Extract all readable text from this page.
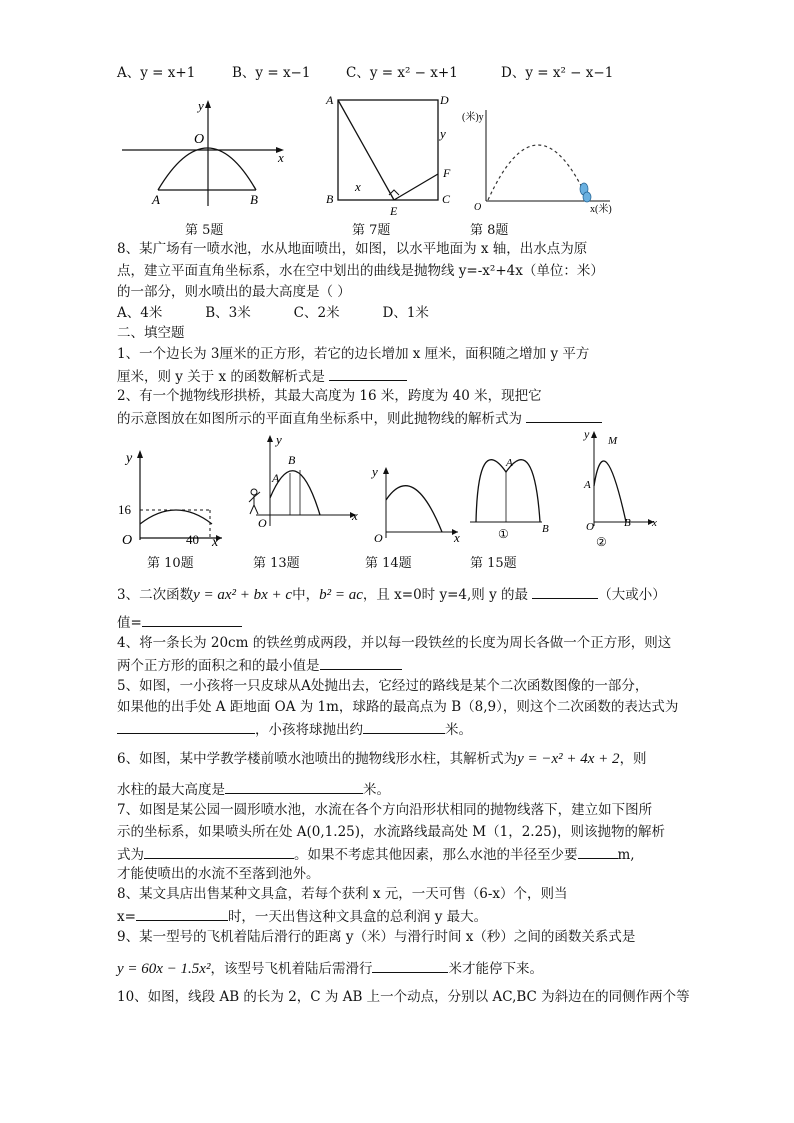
A、y = x+1	B、y = x−1	C、y = x² − x+1	D、y = x² − x−1
y
x
O
A	B
第 5题
A	D
B	C
E
F
x
y
第 7题
(米)y
x(米)
O
第 8题
8、某广场有一喷水池，水从地面喷出，如图，以水平地面为 x 轴，出水点为原
点，建立平面直角坐标系，水在空中划出的曲线是抛物线 y=-x²+4x（单位：米）
的一部分，则水喷出的最大高度是（ ）
A、4米          B、3米          C、2米          D、1米
二、填空题
1、一个边长为 3厘米的正方形，若它的边长增加 x 厘米，面积随之增加 y 平方
厘米，则 y 关于 x 的函数解析式是
2、有一个抛物线形拱桥，其最大高度为 16 米，跨度为 40 米，现把它
的示意图放在如图所示的平面直角坐标系中，则此抛物线的解析式为
y
16
O	40 x
第 10题
y
B
A
O	x
第 13题
y
O	x
第 14题
A
B
①
第 15题
y M
A
O	B x
②
3、二次函数y = ax² + bx + c中，b² = ac，且 x=0时 y=4,则 y 的最	（大或小）
值=
4、将一条长为 20cm 的铁丝剪成两段，并以每一段铁丝的长度为周长各做一个正方形，则这
两个正方形的面积之和的最小值是
5、如图，一小孩将一只皮球从A处抛出去，它经过的路线是某个二次函数图像的一部分，
如果他的出手处 A 距地面 OA 为 1m，球路的最高点为 B（8,9），则这个二次函数的表达式为
，小孩将球抛出约	米。
6、如图，某中学教学楼前喷水池喷出的抛物线形水柱，其解析式为y = −x² + 4x + 2，则
水柱的最大高度是	米。
7、如图是某公园一圆形喷水池，水流在各个方向沿形状相同的抛物线落下，建立如下图所
示的坐标系，如果喷头所在处 A(0,1.25)，水流路线最高处 M（1，2.25)，则该抛物的解析
式为	。如果不考虑其他因素，那么水池的半径至少要	m,
才能使喷出的水流不至落到池外。
8、某文具店出售某种文具盒，若每个获利 x 元，一天可售（6-x）个，则当
x=	时，一天出售这种文具盒的总利润 y 最大。
9、某一型号的飞机着陆后滑行的距离 y（米）与滑行时间 x（秒）之间的函数关系式是
y = 60x − 1.5x²，该型号飞机着陆后需滑行	米才能停下来。
10、如图，线段 AB 的长为 2，C 为 AB 上一个动点，分别以 AC,BC 为斜边在的同侧作两个等
